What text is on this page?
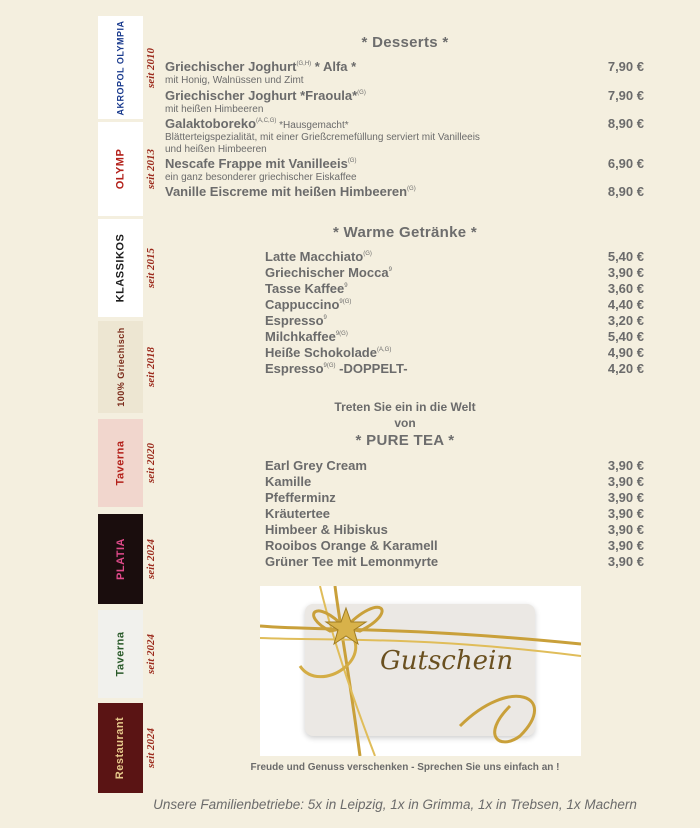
AKROPOL OLYMPIA seit 2010
OLYMP seit 2013
KLASSIKOS seit 2015
100% Griechisch seit 2018
Taverna seit 2020
PLATIA seit 2024
Taverna seit 2024
Restaurant seit 2024
* Desserts *
Griechischer Joghurt$^{(G,H)}$ * Alfa *	7,90 €
mit Honig, Walnüssen und Zimt
Griechischer Joghurt *Fraoula*$^{(G)}$	7,90 €
mit heißen Himbeeren
Galaktoboreko$^{(A,C,G)}$ *Hausgemacht*	8,90 €
Blätterteigspezialität, mit einer Grießcremefüllung serviert mit Vanilleeis
und heißen Himbeeren
Nescafe Frappe mit Vanilleeis$^{(G)}$	6,90 €
ein ganz besonderer griechischer Eiskaffee
Vanille Eiscreme mit heißen Himbeeren$^{(G)}$	8,90 €
* Warme Getränke *
Latte Macchiato$^{(G)}$	5,40 €
Griechischer Mocca$^9$	3,90 €
Tasse Kaffee$^9$	3,60 €
Cappuccino$^{9(G)}$	4,40 €
Espresso$^9$	3,20 €
Milchkaffee$^{9(G)}$	5,40 €
Heiße Schokolade$^{(A,G)}$	4,90 €
Espresso$^{9(G)}$ -DOPPELT-	4,20 €
Treten Sie ein in die Welt
von
* PURE TEA *
Earl Grey Cream	3,90 €
Kamille	3,90 €
Pfefferminz	3,90 €
Kräutertee	3,90 €
Himbeer & Hibiskus	3,90 €
Rooibos Orange & Karamell	3,90 €
Grüner Tee mit Lemonmyrte	3,90 €
Gutschein
Freude und Genuss verschenken - Sprechen Sie uns einfach an !
Unsere Familienbetriebe: 5x in Leipzig, 1x in Grimma, 1x in Trebsen, 1x Machern
